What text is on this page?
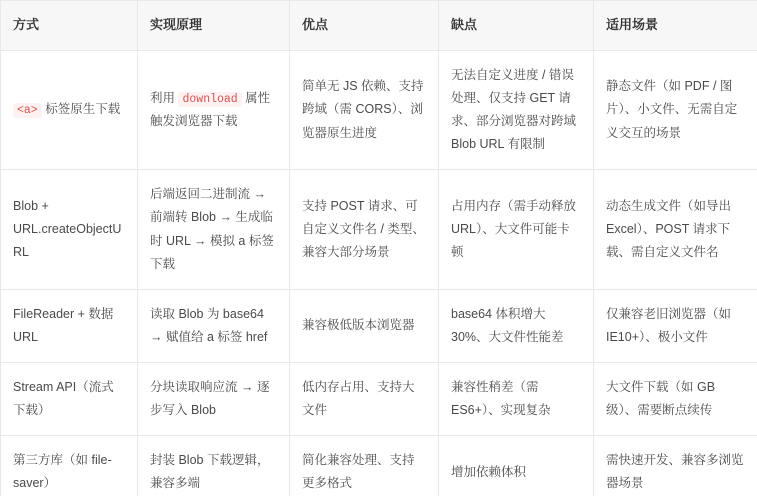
方式	实现原理	优点	缺点	适用场景
<a> 标签原生下载	利用 download 属性触发浏览器下载	简单无 JS 依赖、支持跨域（需 CORS）、浏览器原生进度	无法自定义进度 / 错误处理、仅支持 GET 请求、部分浏览器对跨域 Blob URL 有限制	静态文件（如 PDF / 图片）、小文件、无需自定义交互的场景
Blob + URL.createObjectURL	后端返回二进制流 → 前端转 Blob → 生成临时 URL → 模拟 a 标签下载	支持 POST 请求、可自定义文件名 / 类型、兼容大部分场景	占用内存（需手动释放 URL）、大文件可能卡顿	动态生成文件（如导出 Excel）、POST 请求下载、需自定义文件名
FileReader + 数据 URL	读取 Blob 为 base64 → 赋值给 a 标签 href	兼容极低版本浏览器	base64 体积增大 30%、大文件性能差	仅兼容老旧浏览器（如 IE10+）、极小文件
Stream API（流式下载）	分块读取响应流 → 逐步写入 Blob	低内存占用、支持大文件	兼容性稍差（需 ES6+）、实现复杂	大文件下载（如 GB 级）、需要断点续传
第三方库（如 file-saver）	封装 Blob 下载逻辑，兼容多端	简化兼容处理、支持更多格式	增加依赖体积	需快速开发、兼容多浏览器场景
